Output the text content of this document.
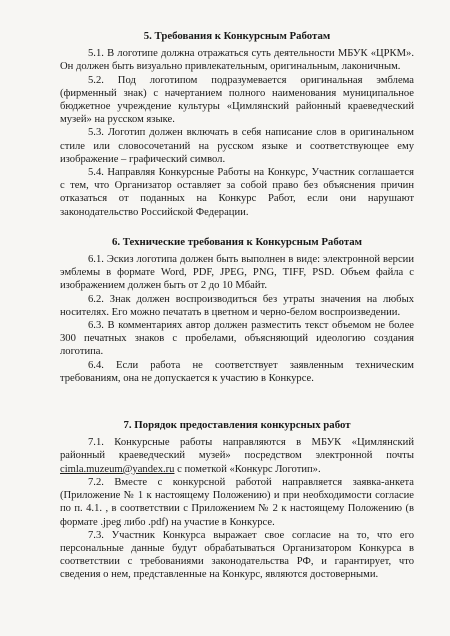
5. Требования к Конкурсным Работам

5.1. В логотипе должна отражаться суть деятельности МБУК «ЦРКМ». Он должен быть визуально привлекательным, оригинальным, лаконичным.

5.2. Под логотипом подразумевается оригинальная эмблема (фирменный знак) с начертанием полного наименования муниципальное бюджетное учреждение культуры «Цимлянский районный краеведческий музей» на русском языке.

5.3. Логотип должен включать в себя написание слов в оригинальном стиле или словосочетаний на русском языке и соответствующее ему изображение – графический символ.

5.4. Направляя Конкурсные Работы на Конкурс, Участник соглашается с тем, что Организатор оставляет за собой право без объяснения причин отказаться от поданных на Конкурс Работ, если они нарушают законодательство Российской Федерации.

6. Технические требования к Конкурсным Работам

6.1. Эскиз логотипа должен быть выполнен в виде: электронной версии эмблемы в формате Word, PDF, JPEG, PNG, TIFF, PSD. Объем файла с изображением должен быть от 2 до 10 Мбайт.

6.2. Знак должен воспроизводиться без утраты значения на любых носителях. Его можно печатать в цветном и черно-белом воспроизведении.

6.3. В комментариях автор должен разместить текст объемом не более 300 печатных знаков с пробелами, объясняющий идеологию создания логотипа.

6.4. Если работа не соответствует заявленным техническим требованиям, она не допускается к участию в Конкурсе.

7. Порядок предоставления конкурсных работ

7.1. Конкурсные работы направляются в МБУК «Цимлянский районный краеведческий музей» посредством электронной почты cimla.muzeum@yandex.ru с пометкой «Конкурс Логотип».

7.2. Вместе с конкурсной работой направляется заявка-анкета (Приложение № 1 к настоящему Положению) и при необходимости согласие по п. 4.1. , в соответствии с Приложением № 2 к настоящему Положению (в формате .jpeg либо .pdf) на участие в Конкурсе.

7.3. Участник Конкурса выражает свое согласие на то, что его персональные данные будут обрабатываться Организатором Конкурса в соответствии с требованиями законодательства РФ, и гарантирует, что сведения о нем, представленные на Конкурс, являются достоверными.
